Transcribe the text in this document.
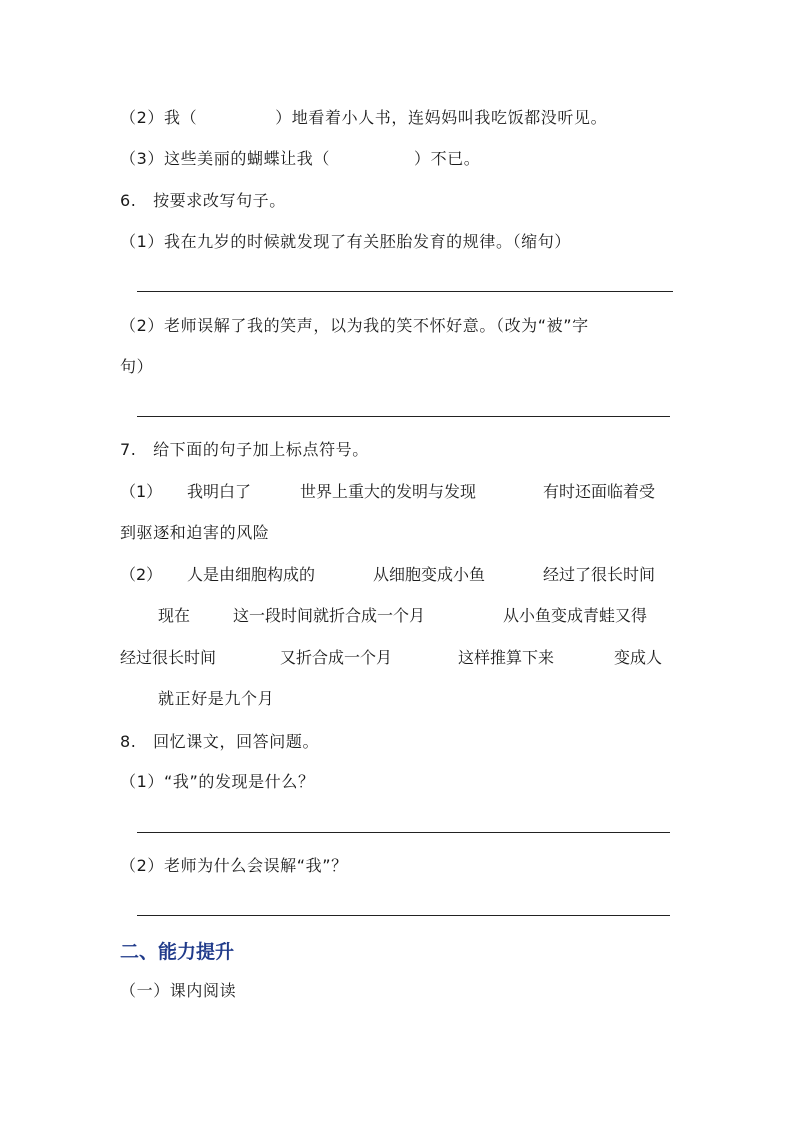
（2）我（	）地看着小人书，连妈妈叫我吃饭都没听见。
（3）这些美丽的蝴蝶让我（	）不已。
6.　按要求改写句子。
（1）我在九岁的时候就发现了有关胚胎发育的规律。（缩句）
（2）老师误解了我的笑声，以为我的笑不怀好意。（改为“被”字
句）
7.　给下面的句子加上标点符号。
（1） 我明白了	世界上重大的发明与发现	有时还面临着受
到驱逐和迫害的风险
（2） 人是由细胞构成的	从细胞变成小鱼	经过了很长时间
现在	这一段时间就折合成一个月	从小鱼变成青蛙又得
经过很长时间	又折合成一个月	这样推算下来	变成人
就正好是九个月
8.　回忆课文，回答问题。
（1）“我”的发现是什么？
（2）老师为什么会误解“我”？
二、能力提升
（一）课内阅读
